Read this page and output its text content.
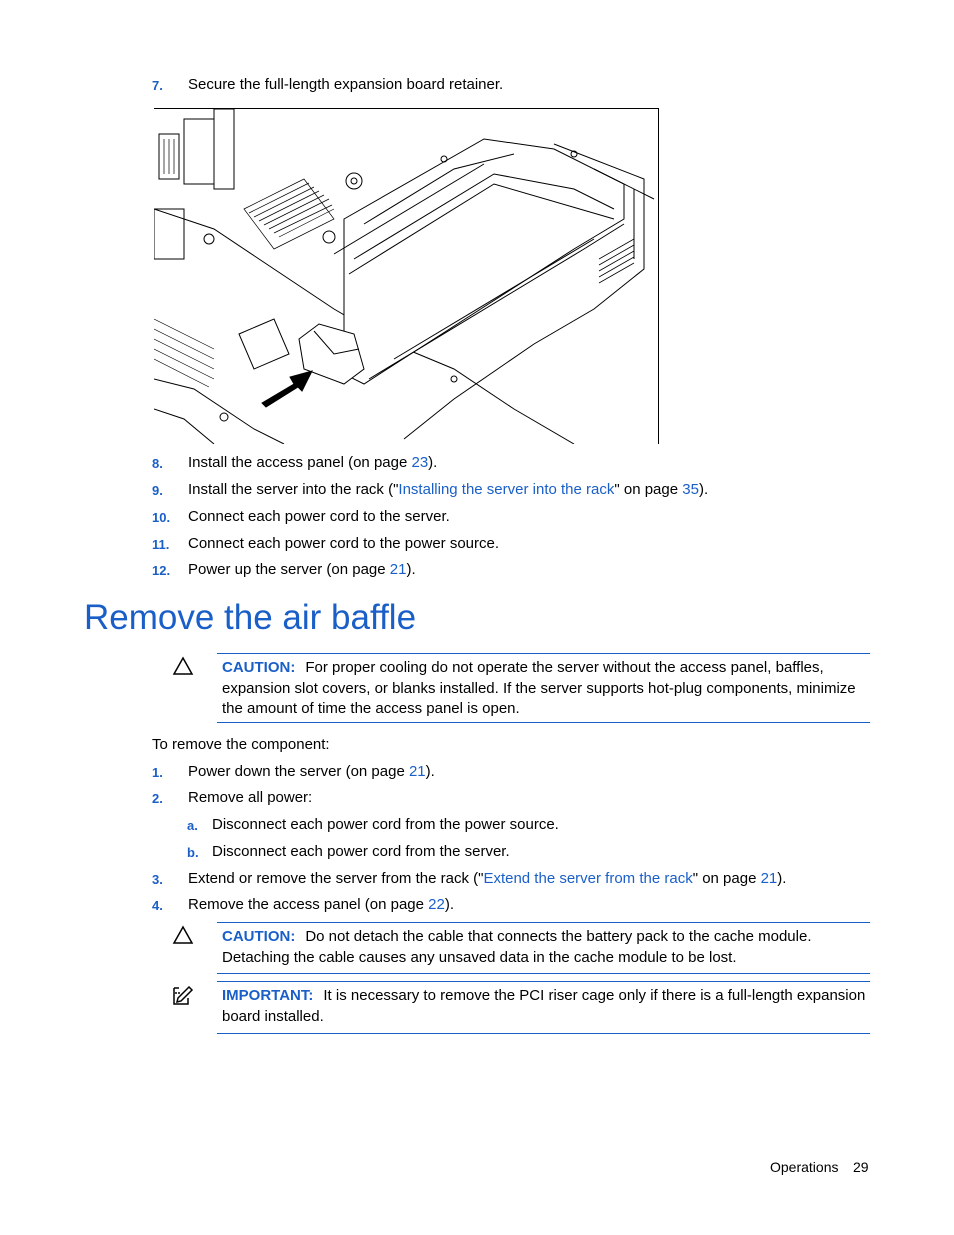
7. Secure the full-length expansion board retainer.
8. Install the access panel (on page 23).
9. Install the server into the rack ("Installing the server into the rack" on page 35).
10. Connect each power cord to the server.
11. Connect each power cord to the power source.
12. Power up the server (on page 21).
Remove the air baffle
CAUTION: For proper cooling do not operate the server without the access panel, baffles,
expansion slot covers, or blanks installed. If the server supports hot-plug components, minimize
the amount of time the access panel is open.
To remove the component:
1. Power down the server (on page 21).
2. Remove all power:
a. Disconnect each power cord from the power source.
b. Disconnect each power cord from the server.
3. Extend or remove the server from the rack ("Extend the server from the rack" on page 21).
4. Remove the access panel (on page 22).
CAUTION: Do not detach the cable that connects the battery pack to the cache module.
Detaching the cable causes any unsaved data in the cache module to be lost.
IMPORTANT: It is necessary to remove the PCI riser cage only if there is a full-length expansion
board installed.
Operations 29
